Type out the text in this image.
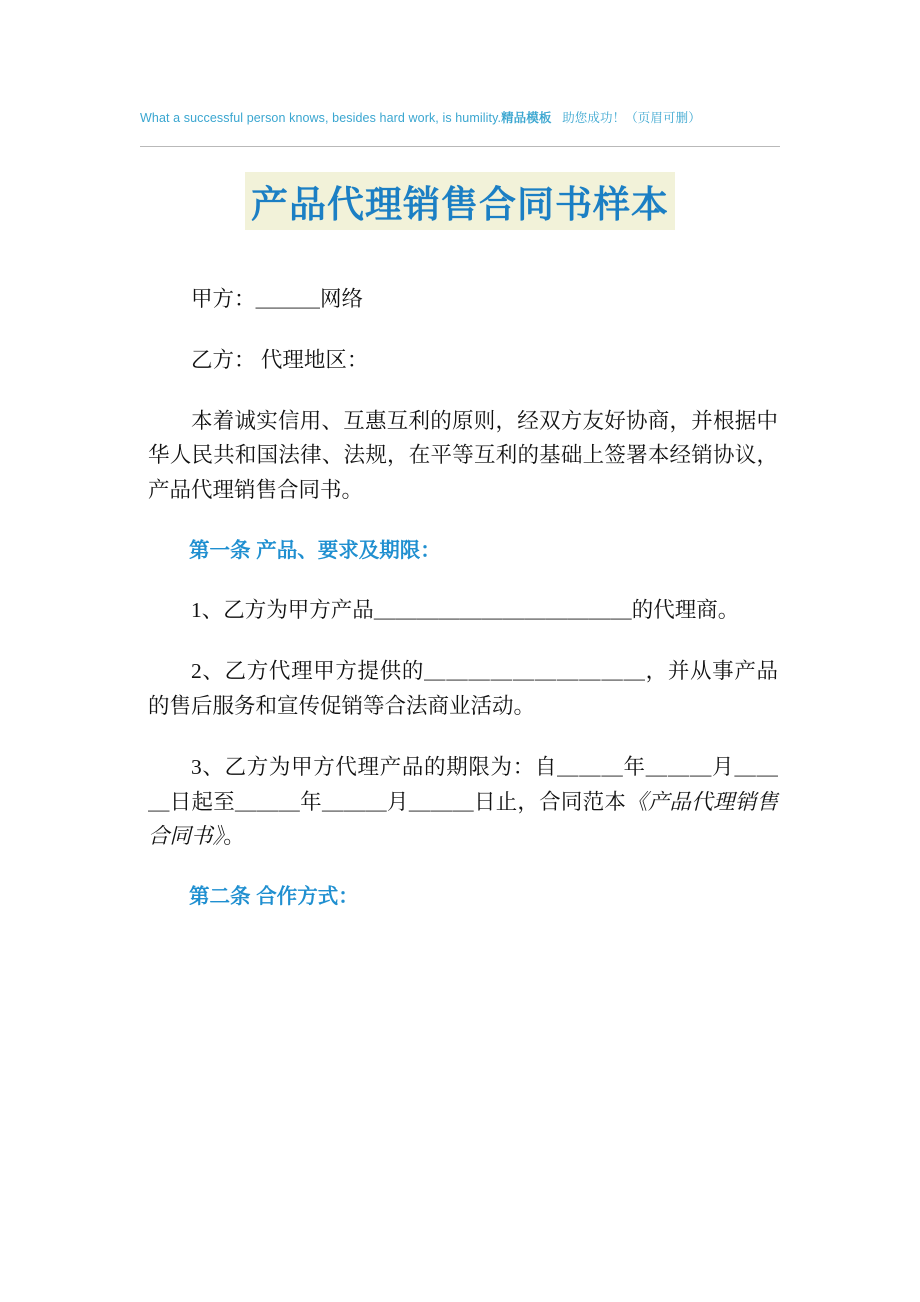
What a successful person knows, besides hard work, is humility.精品模板 助您成功！（页眉可删）
产品代理销售合同书样本

甲方：＿＿＿网络

乙方： 代理地区：

本着诚实信用、互惠互利的原则，经双方友好协商，并根据中华人民共和国法律、法规，在平等互利的基础上签署本经销协议，产品代理销售合同书。

第一条 产品、要求及期限：

1、乙方为甲方产品＿＿＿＿＿＿＿＿＿＿＿＿的代理商。

2、乙方代理甲方提供的＿＿＿＿＿＿＿＿＿＿，并从事产品的售后服务和宣传促销等合法商业活动。

3、乙方为甲方代理产品的期限为：自＿＿＿年＿＿＿月＿＿＿日起至＿＿＿年＿＿＿月＿＿＿日止，合同范本《产品代理销售合同书》。

第二条 合作方式：
